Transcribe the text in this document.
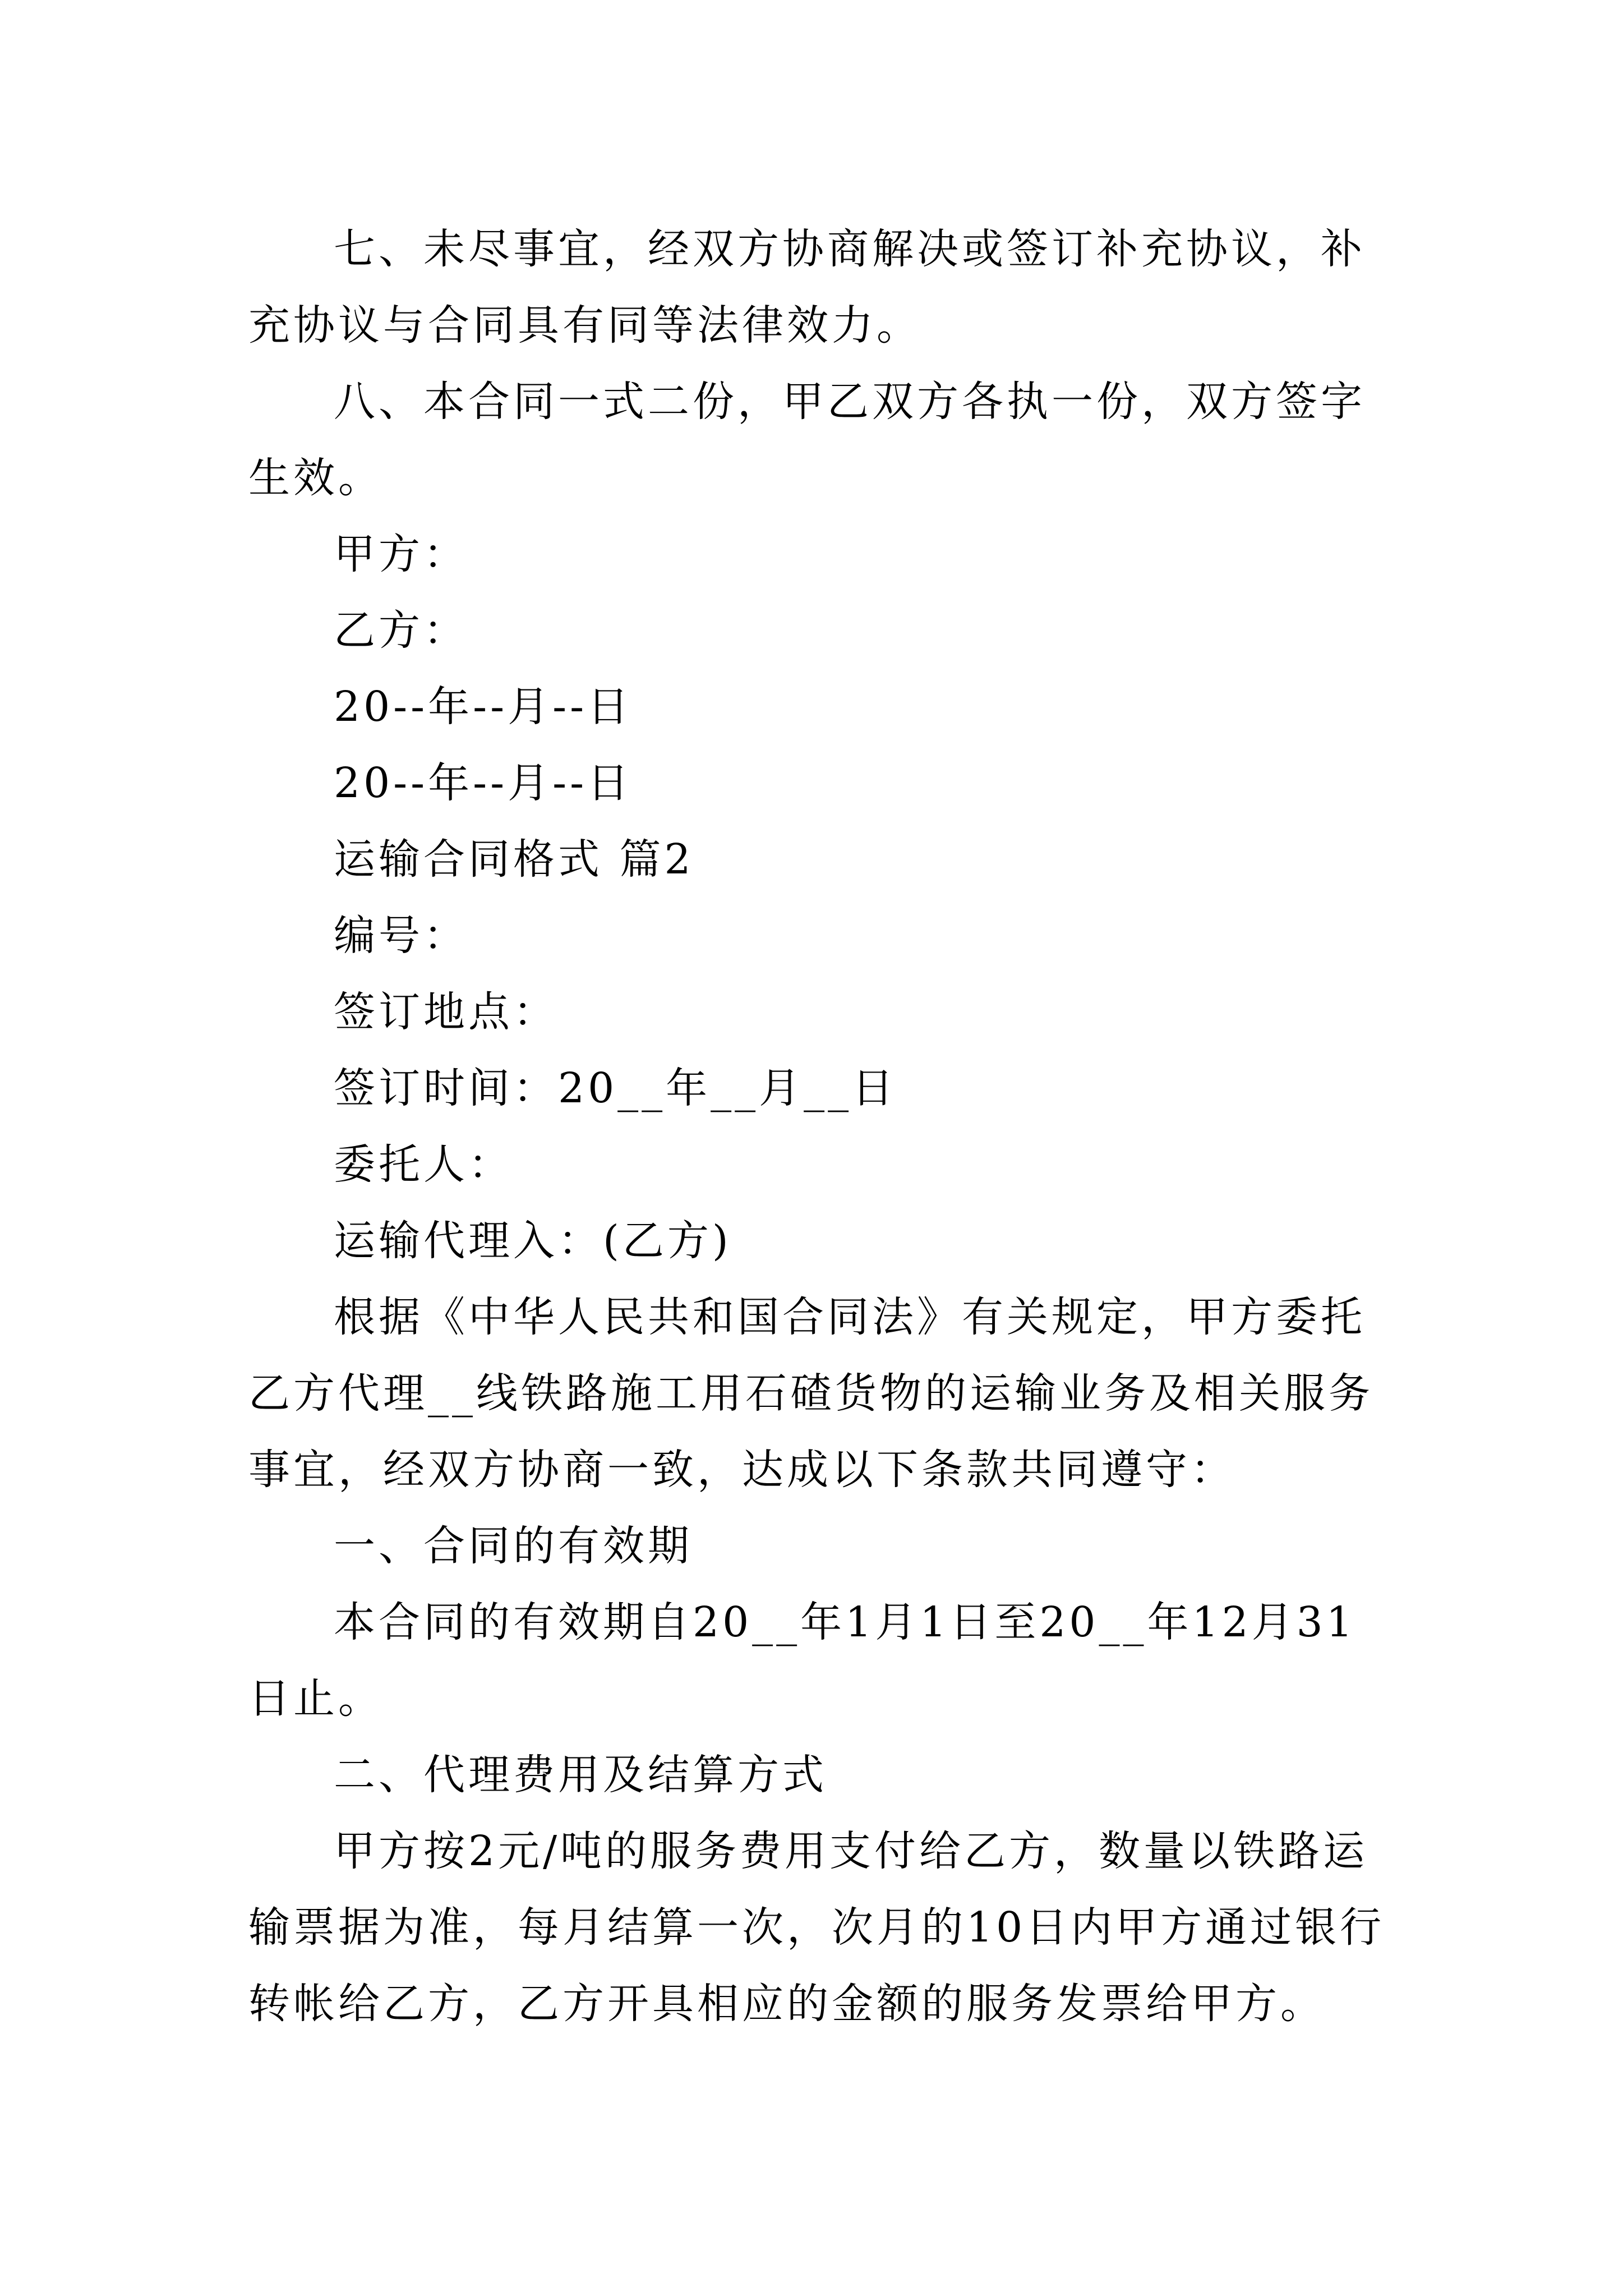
七、未尽事宜，经双方协商解决或签订补充协议，补充协议与合同具有同等法律效力。

八、本合同一式二份，甲乙双方各执一份，双方签字生效。

甲方：

乙方：

20--年--月--日

20--年--月--日

运输合同格式 篇2

编号：

签订地点：

签订时间：20__年__月__日

委托人：

运输代理入：(乙方)

根据《中华人民共和国合同法》有关规定，甲方委托乙方代理__线铁路施工用石碴货物的运输业务及相关服务事宜，经双方协商一致，达成以下条款共同遵守：

一、合同的有效期

本合同的有效期自20__年1月1日至20__年12月31日止。

二、代理费用及结算方式

甲方按2元/吨的服务费用支付给乙方，数量以铁路运输票据为准，每月结算一次，次月的10日内甲方通过银行转帐给乙方，乙方开具相应的金额的服务发票给甲方。
